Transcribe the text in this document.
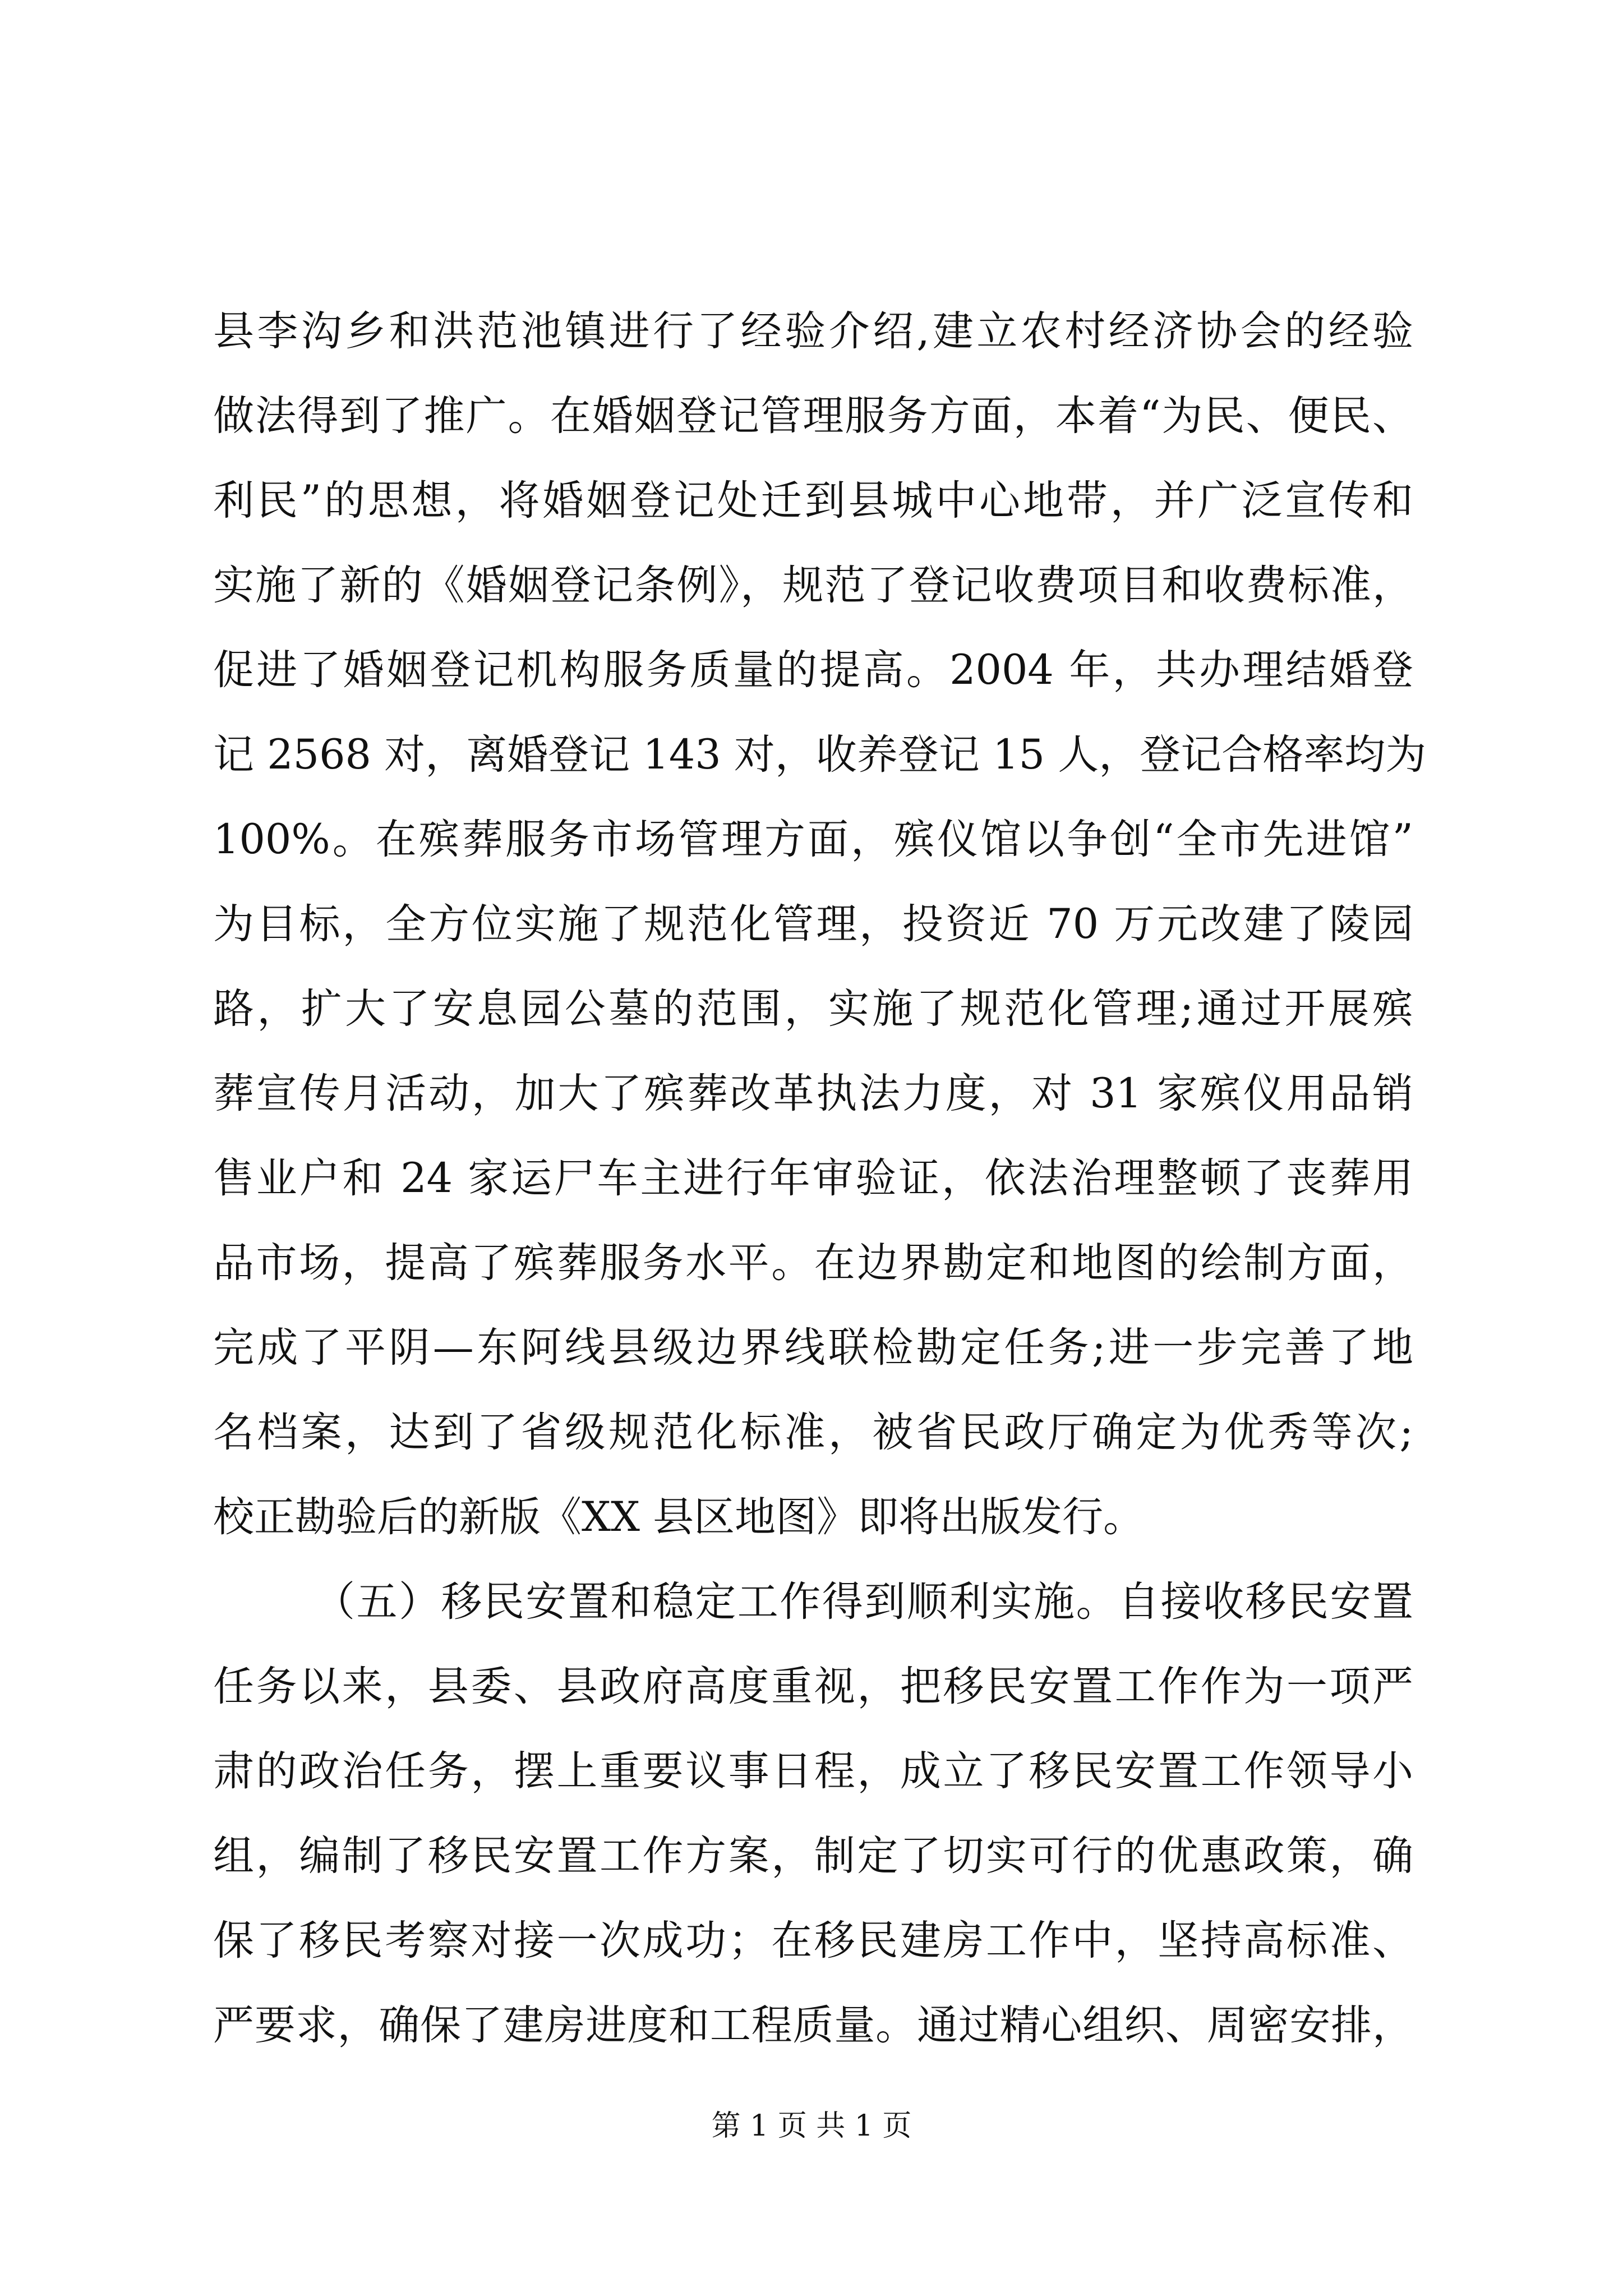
县李沟乡和洪范池镇进行了经验介绍,建立农村经济协会的经验
做法得到了推广。在婚姻登记管理服务方面，本着“为民、便民、
利民”的思想，将婚姻登记处迁到县城中心地带，并广泛宣传和
实施了新的《婚姻登记条例》，规范了登记收费项目和收费标准，
促进了婚姻登记机构服务质量的提高。2004 年，共办理结婚登
记 2568 对，离婚登记 143 对，收养登记 15 人，登记合格率均为
100%。在殡葬服务市场管理方面，殡仪馆以争创“全市先进馆”
为目标，全方位实施了规范化管理，投资近 70 万元改建了陵园
路，扩大了安息园公墓的范围，实施了规范化管理;通过开展殡
葬宣传月活动，加大了殡葬改革执法力度，对 31 家殡仪用品销
售业户和 24 家运尸车主进行年审验证，依法治理整顿了丧葬用
品市场，提高了殡葬服务水平。在边界勘定和地图的绘制方面，
完成了平阴—东阿线县级边界线联检勘定任务;进一步完善了地
名档案，达到了省级规范化标准，被省民政厅确定为优秀等次;
校正勘验后的新版《XX 县区地图》即将出版发行。
（五）移民安置和稳定工作得到顺利实施。自接收移民安置
任务以来，县委、县政府高度重视，把移民安置工作作为一项严
肃的政治任务，摆上重要议事日程，成立了移民安置工作领导小
组，编制了移民安置工作方案，制定了切实可行的优惠政策，确
保了移民考察对接一次成功；在移民建房工作中，坚持高标准、
严要求，确保了建房进度和工程质量。通过精心组织、周密安排，
第 1 页 共 1 页
